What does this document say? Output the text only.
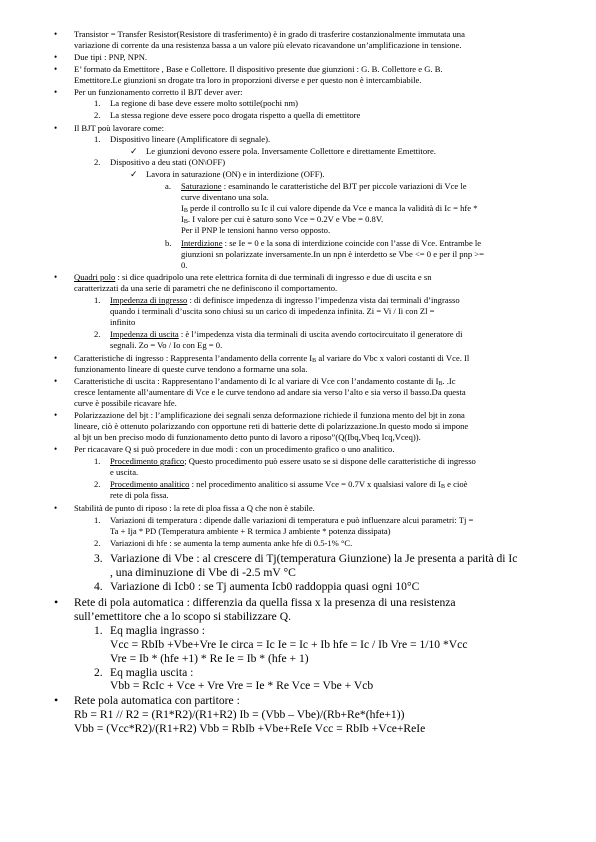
• Transistor = Transfer Resistor(Resistore di trasferimento) è in grado di trasferire costanzionalmente immutata una
variazione di corrente da una resistenza bassa a un valore più elevato ricavandone un’amplificazione in tensione.
• Due tipi : PNP, NPN.
• E’ formato da Emettitore , Base e Collettore. Il dispositivo presente due giunzioni : G. B. Collettore e G. B.
Emettitore.Le giunzioni sn drogate tra loro in proporzioni diverse e per questo non è intercambiabile.
• Per un funzionamento corretto il BJT dever aver:
1. La regione di base deve essere molto sottile(pochi nm)
2. La stessa regione deve essere poco drogata rispetto a quella di emettitore
• Il BJT poù lavorare come:
1. Dispositivo lineare (Amplificatore di segnale).
✓ Le giunzioni devono essere pola. Inversamente Collettore e direttamente Emettitore.
2. Dispositivo a deu stati (ON\OFF)
✓ Lavora in saturazione (ON) e in interdizione (OFF).
a. Saturazione : esaminando le caratteristiche del BJT per piccole variazioni di Vce le
curve diventano una sola.
$I_B$ perde il controllo su Ic il cui valore dipende da Vce e manca la validità di Ic = hfe *
$I_B$. I valore per cui è saturo sono Vce = 0.2V e Vbe = 0.8V.
Per il PNP le tensioni hanno verso opposto.
b. Interdizione : se Ie = 0 e la sona di interdizione coincide con l’asse di Vce. Entrambe le
giunzioni sn polarizzate inversamente.In un npn è interdetto se Vbe <= 0 e per il pnp >=
0.
• Quadri polo : si dice quadripolo una rete elettrica fornita di due terminali di ingresso e due di uscita e sn
caratterizzati da una serie di parametri che ne definiscono il comportamento.
1. Impedenza di ingresso : di definisce impedenza di ingresso l’impedenza vista dai terminali d’ingrasso
quando i terminali d’uscita sono chiusi su un carico di impedenza infinita. Zi = Vi / Ii con Zl =
infinito
2. Impedenza di uscita : è l’impedenza vista dia terminali di uscita avendo cortocircuitato il generatore di
segnali. Zo = Vo / Io con Eg = 0.
• Caratteristiche di ingresso : Rappresenta l’andamento della corrente $I_B$ al variare do Vbc x valori costanti di Vce. Il
funzionamento lineare di queste curve tendono a formarne una sola.
• Caratteristiche di uscita : Rappresentano l’andamento di Ic al variare di Vce con l’andamento costante di $I_B$. .Ic
cresce lentamente all’aumentare di Vce e le curve tendono ad andare sia verso l’alto e sia verso il basso.Da questa
curve è possibile ricavare hfe.
• Polarizzazione del bjt : l’amplificazione dei segnali senza deformazione richiede il funziona mento del bjt in zona
lineare, ciò è ottenuto polarizzando con opportune reti di batterie dette di polarizzazione.In questo modo si impone
al bjt un ben preciso modo di funzionamento detto punto di lavoro a riposo”(Q(Ibq,Vbeq Icq,Vceq)).
• Per ricacavare Q si può procedere in due modi : con un procedimento grafico o uno analitico.
1. Procedimento grafico; Questo procedimento può essere usato se si dispone delle caratteristiche di ingresso
e uscita.
2. Procedimento analitico : nel procedimento analitico si assume Vce = 0.7V x qualsiasi valore di $I_B$ e cioè
rete di pola fissa.
• Stabilità de punto di riposo : la rete di ploa fissa a Q che non è stabile.
1. Variazioni di temperatura : dipende dalle variazioni di temperatura e può influenzare alcui parametri: Tj =
Ta + Ija * PD (Temperatura ambiente + R termica J ambiente * potenza dissipata)
2. Variazioni di hfe : se aumenta la temp aumenta anke hfe di 0.5-1% °C.
3. Variazione di Vbe : al crescere di Tj(temperatura Giunzione) la Je presenta a parità di Ic
, una diminuzione di Vbe di -2.5 mV °C
4. Variazione di Icb0 : se Tj aumenta Icb0 raddoppia quasi ogni 10°C
• Rete di pola automatica : differenzia da quella fissa x la presenza di una resistenza
sull’emettitore che a lo scopo si stabilizzare Q.
1. Eq maglia ingrasso :
Vcc = RbIb +Vbe+Vre Ie circa = Ic Ie = Ic + Ib hfe = Ic / Ib Vre = 1/10 *Vcc
Vre = Ib * (hfe +1) * Re Ie = Ib * (hfe + 1)
2. Eq maglia uscita :
Vbb = RcIc + Vce + Vre Vre = Ie * Re Vce = Vbe + Vcb
• Rete pola automatica con partitore :
Rb = R1 // R2 = (R1*R2)/(R1+R2) Ib = (Vbb – Vbe)/(Rb+Re*(hfe+1))
Vbb = (Vcc*R2)/(R1+R2) Vbb = RbIb +Vbe+ReIe Vcc = RbIb +Vce+ReIe
